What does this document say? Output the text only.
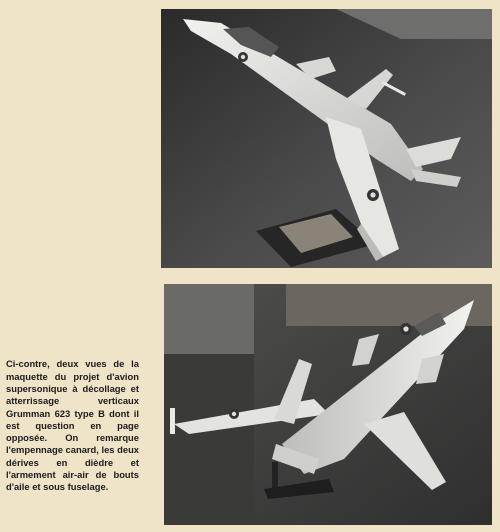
Ci-contre, deux vues de la maquette du projet d'avion supersonique à décollage et atterrissage verticaux Grumman 623 type B dont il est question en page opposée. On remarque l'empennage canard, les deux dérives en dièdre et l'armement air-air de bouts d'aile et sous fuselage.
